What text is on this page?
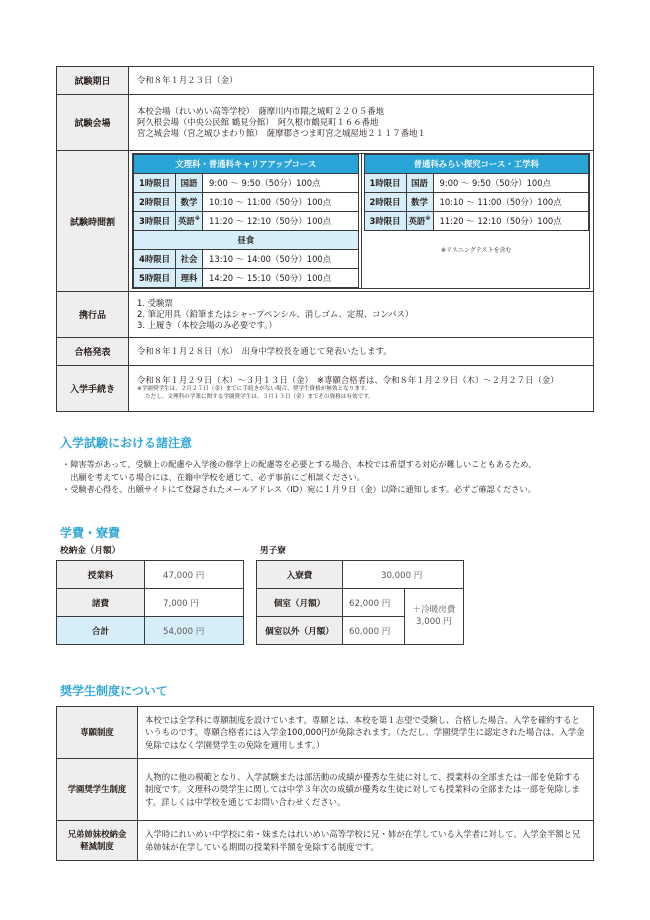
試験期日	令和８年１月２３日（金）
試験会場	
本校会場（れいめい高等学校）　薩摩川内市隈之城町２２０５番地
阿久根会場（中央公民館 鶴見分館）　阿久根市鶴見町１６６番地
宮之城会場（宮之城ひまわり館）　薩摩郡さつま町宮之城屋地２１１７番地１

試験時間割	
文理科・普通科キャリアアップコース
1時限目	国語	9:00 ～ 9:50（50分）100点
2時限目	数学	10:10 ～ 11:00（50分）100点
3時限目	英語※	11:20 ～ 12:10（50分）100点
昼食
4時限目	社会	13:10 ～ 14:00（50分）100点
5時限目	理科	14:20 ～ 15:10（50分）100点

普通科みらい探究コース・工学科
1時限目	国語	9:00 ～ 9:50（50分）100点
2時限目	数学	10:10 ～ 11:00（50分）100点
3時限目	英語※	11:20 ～ 12:10（50分）100点
※リスニングテストを含む

携行品	
1. 受験票
2. 筆記用具（鉛筆またはシャープペンシル、消しゴム、定規、コンパス）
3. 上履き（本校会場のみ必要です。）

合格発表	令和８年１月２８日（水）　出身中学校長を通じて発表いたします。
入学手続き	
令和８年１月２９日（木）～３月１３日（金）　※専願合格者は、令和８年１月２９日（木）～２月２７日（金）
※学園奨学生は、２月２７日（金）までに手続きがない場合、奨学生資格が無効となります。
ただし、文理科の学業に関する学園奨学生は、３月１３日（金）までその資格は有効です。
入学試験における諸注意
・障害等があって、受験上の配慮や入学後の修学上の配慮等を必要とする場合、本校では希望する対応が難しいこともあるため、
　出願を考えている場合には、在籍中学校を通じて、必ず事前にご相談ください。
・受験者心得を、出願サイトにて登録されたメールアドレス（ID）宛に１月９日（金）以降に通知します。必ずご確認ください。
学費・寮費
校納金（月額）	男子寮
授業料	47,000 円
諸費	7,000 円
合計	54,000 円
入寮費	30,000 円	
個室（月額）	62,000 円	＋冷暖房費
3,000 円

個室以外（月額）	60,000 円	
奨学生制度について
専願制度	本校では全学科に専願制度を設けています。専願とは、本校を第１志望で受験し、合格した場合、入学を確約するというものです。専願合格者には入学金100,000円が免除されます。（ただし、学園奨学生に認定された場合は、入学金免除ではなく学園奨学生の免除を適用します。）
学園奨学生制度	人物的に他の模範となり、入学試験または部活動の成績が優秀な生徒に対して、授業料の全部または一部を免除する制度です。文理科の奨学生に関しては中学３年次の成績が優秀な生徒に対しても授業料の全部または一部を免除します。詳しくは中学校を通じてお問い合わせください。

兄弟姉妹校納金
軽減制度	入学時にれいめい中学校に弟・妹またはれいめい高等学校に兄・姉が在学している入学者に対して、入学金半額と兄弟姉妹が在学している期間の授業料半額を免除する制度です。
